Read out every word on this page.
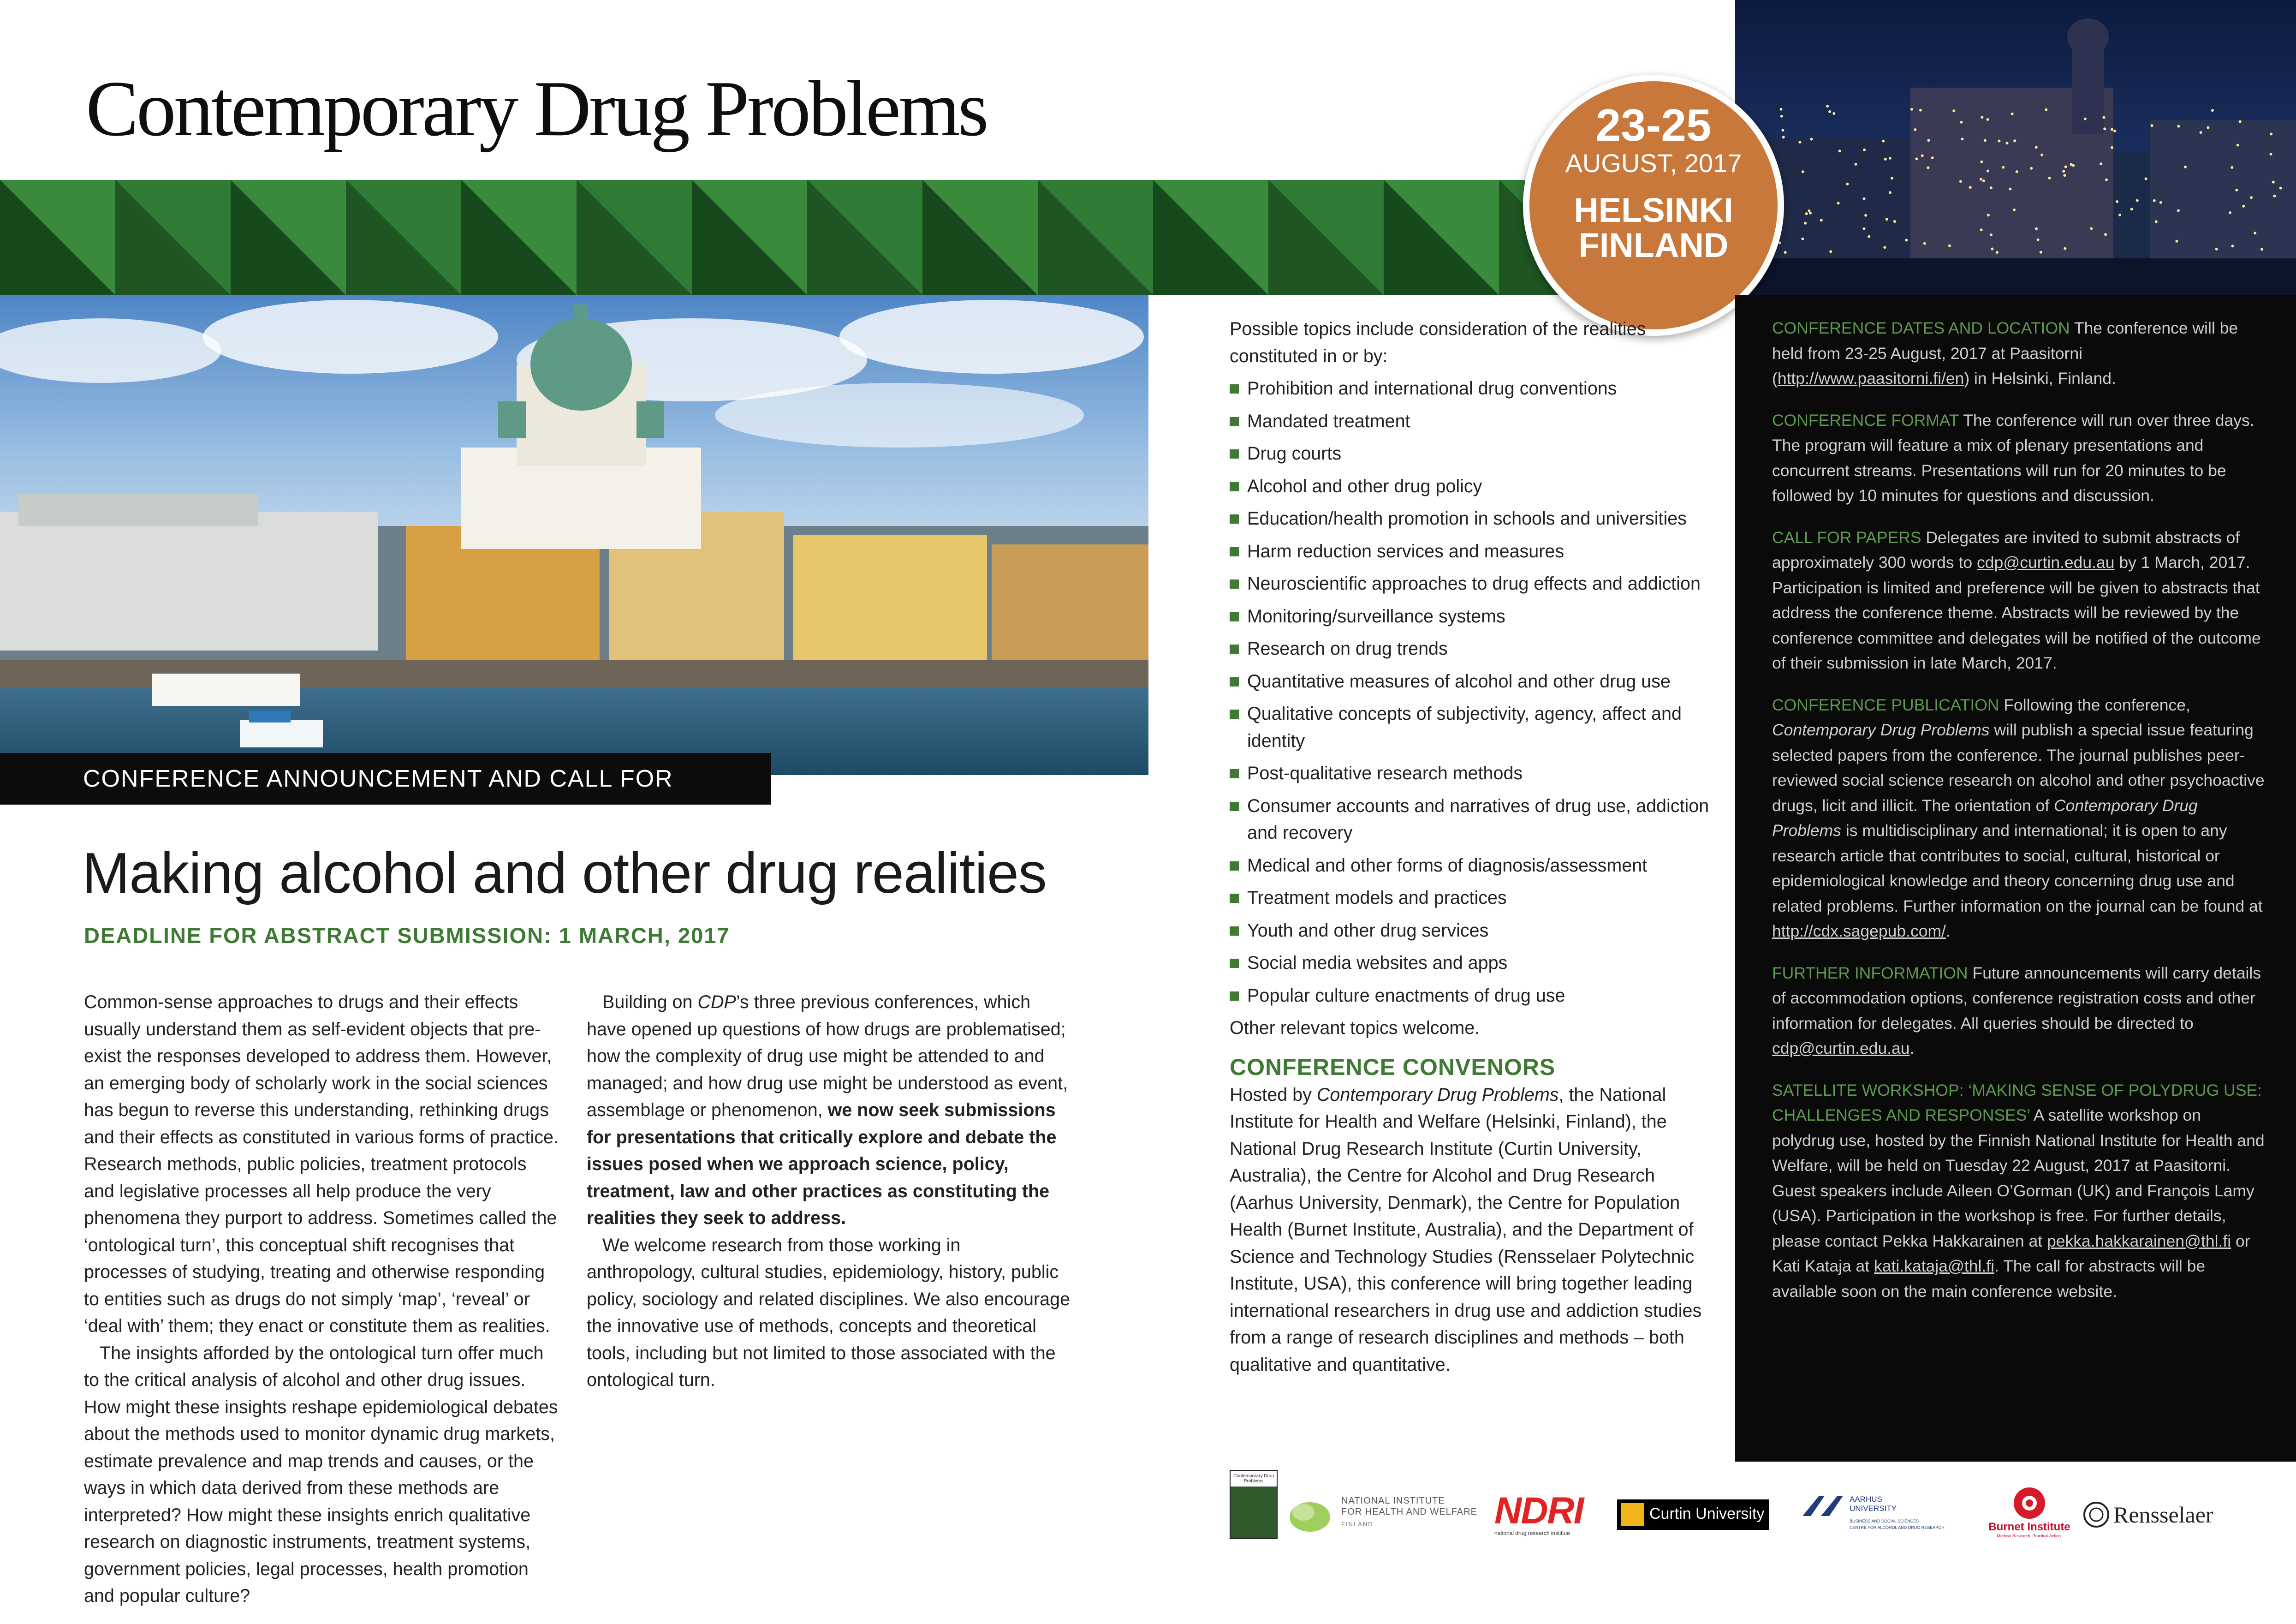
Contemporary Drug Problems	23-25
AUGUST, 2017
HELSINKI
FINLAND
CONFERENCE ANNOUNCEMENT AND CALL FOR PAPERS
Making alcohol and other drug realities
DEADLINE FOR ABSTRACT SUBMISSION: 1 MARCH, 2017

Common-sense approaches to drugs and their effects usually understand them as self-evident objects that pre-exist the responses developed to address them. However, an emerging body of scholarly work in the social sciences has begun to reverse this understanding, rethinking drugs and their effects as constituted in various forms of practice. Research methods, public policies, treatment protocols and legislative processes all help produce the very phenomena they purport to address. Sometimes called the ‘ontological turn’, this conceptual shift recognises that processes of studying, treating and otherwise responding to entities such as drugs do not simply ‘map’, ‘reveal’ or ‘deal with’ them; they enact or constitute them as realities.

The insights afforded by the ontological turn offer much to the critical analysis of alcohol and other drug issues. How might these insights reshape epidemiological debates about the methods used to monitor dynamic drug markets, estimate prevalence and map trends and causes, or the ways in which data derived from these methods are interpreted? How might these insights enrich qualitative research on diagnostic instruments, treatment systems, government policies, legal processes, health promotion and popular culture?

Building on CDP’s three previous conferences, which have opened up questions of how drugs are problematised; how the complexity of drug use might be attended to and managed; and how drug use might be understood as event, assemblage or phenomenon, we now seek submissions for presentations that critically explore and debate the issues posed when we approach science, policy, treatment, law and other practices as constituting the realities they seek to address.

We welcome research from those working in anthropology, cultural studies, epidemiology, history, public policy, sociology and related disciplines. We also encourage the innovative use of methods, concepts and theoretical tools, including but not limited to those associated with the ontological turn.

Possible topics include consideration of the realities constituted in or by:

Prohibition and international drug conventions
Mandated treatment
Drug courts
Alcohol and other drug policy
Education/health promotion in schools and universities
Harm reduction services and measures
Neuroscientific approaches to drug effects and addiction
Monitoring/surveillance systems
Research on drug trends
Quantitative measures of alcohol and other drug use
Qualitative concepts of subjectivity, agency, affect and identity
Post-qualitative research methods
Consumer accounts and narratives of drug use, addiction and recovery
Medical and other forms of diagnosis/assessment
Treatment models and practices
Youth and other drug services
Social media websites and apps
Popular culture enactments of drug use

Other relevant topics welcome.

CONFERENCE CONVENORS

Hosted by Contemporary Drug Problems, the National Institute for Health and Welfare (Helsinki, Finland), the National Drug Research Institute (Curtin University, Australia), the Centre for Alcohol and Drug Research (Aarhus University, Denmark), the Centre for Population Health (Burnet Institute, Australia), and the Department of Science and Technology Studies (Rensselaer Polytechnic Institute, USA), this conference will bring together leading international researchers in drug use and addiction studies from a range of research disciplines and methods – both qualitative and quantitative.

CONFERENCE DATES AND LOCATION The conference will be held from 23-25 August, 2017 at Paasitorni (http://www.paasitorni.fi/en) in Helsinki, Finland.

CONFERENCE FORMAT The conference will run over three days. The program will feature a mix of plenary presentations and concurrent streams. Presentations will run for 20 minutes to be followed by 10 minutes for questions and discussion.

CALL FOR PAPERS Delegates are invited to submit abstracts of approximately 300 words to cdp@curtin.edu.au by 1 March, 2017. Participation is limited and preference will be given to abstracts that address the conference theme. Abstracts will be reviewed by the conference committee and delegates will be notified of the outcome of their submission in late March, 2017.

CONFERENCE PUBLICATION Following the conference, Contemporary Drug Problems will publish a special issue featuring selected papers from the conference. The journal publishes peer-reviewed social science research on alcohol and other psychoactive drugs, licit and illicit. The orientation of Contemporary Drug Problems is multidisciplinary and international; it is open to any research article that contributes to social, cultural, historical or epidemiological knowledge and theory concerning drug use and related problems. Further information on the journal can be found at http://cdx.sagepub.com/.

FURTHER INFORMATION Future announcements will carry details of accommodation options, conference registration costs and other information for delegates. All queries should be directed to cdp@curtin.edu.au.

SATELLITE WORKSHOP: ‘MAKING SENSE OF POLYDRUG USE: CHALLENGES AND RESPONSES’ A satellite workshop on polydrug use, hosted by the Finnish National Institute for Health and Welfare, will be held on Tuesday 22 August, 2017 at Paasitorni. Guest speakers include Aileen O’Gorman (UK) and François Lamy (USA). Participation in the workshop is free. For further details, please contact Pekka Hakkarainen at pekka.hakkarainen@thl.fi or Kati Kataja at kati.kataja@thl.fi. The call for abstracts will be available soon on the main conference website.

Contemporary Drug Problems
NATIONAL INSTITUTE
FOR HEALTH AND WELFARE
FINLAND	NDRI
national drug research institute
Curtin University
AARHUS
UNIVERSITY
BUSINESS AND SOCIAL SCIENCES
CENTRE FOR ALCOHOL AND DRUG RESEARCH	Burnet Institute
Medical Research. Practical Action.
Rensselaer
